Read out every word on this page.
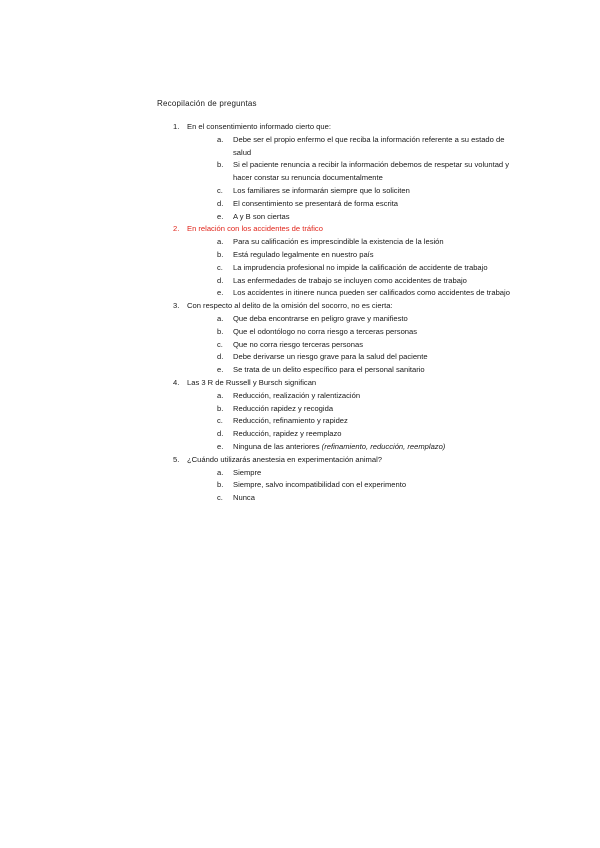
Recopilación de preguntas
1. En el consentimiento informado cierto que:
a. Debe ser el propio enfermo el que reciba la información referente a su estado de salud
b. Si el paciente renuncia a recibir la información debemos de respetar su voluntad y hacer constar su renuncia documentalmente
c. Los familiares se informarán siempre que lo soliciten
d. El consentimiento se presentará de forma escrita
e. A y B son ciertas
2. En relación con los accidentes de tráfico
a. Para su calificación es imprescindible la existencia de la lesión
b. Está regulado legalmente en nuestro país
c. La imprudencia profesional no impide la calificación de accidente de trabajo
d. Las enfermedades de trabajo se incluyen como accidentes de trabajo
e. Los accidentes in itinere nunca pueden ser calificados como accidentes de trabajo
3. Con respecto al delito de la omisión del socorro, no es cierta:
a. Que deba encontrarse en peligro grave y manifiesto
b. Que el odontólogo no corra riesgo a terceras personas
c. Que no corra riesgo terceras personas
d. Debe derivarse un riesgo grave para la salud del paciente
e. Se trata de un delito específico para el personal sanitario
4. Las 3 R de Russell y Bursch significan
a. Reducción, realización y ralentización
b. Reducción rapidez y recogida
c. Reducción, refinamiento y rapidez
d. Reducción, rapidez y reemplazo
e. Ninguna de las anteriores (refinamiento, reducción, reemplazo)
5. ¿Cuándo utilizarás anestesia en experimentación animal?
a. Siempre
b. Siempre, salvo incompatibilidad con el experimento
c. Nunca
